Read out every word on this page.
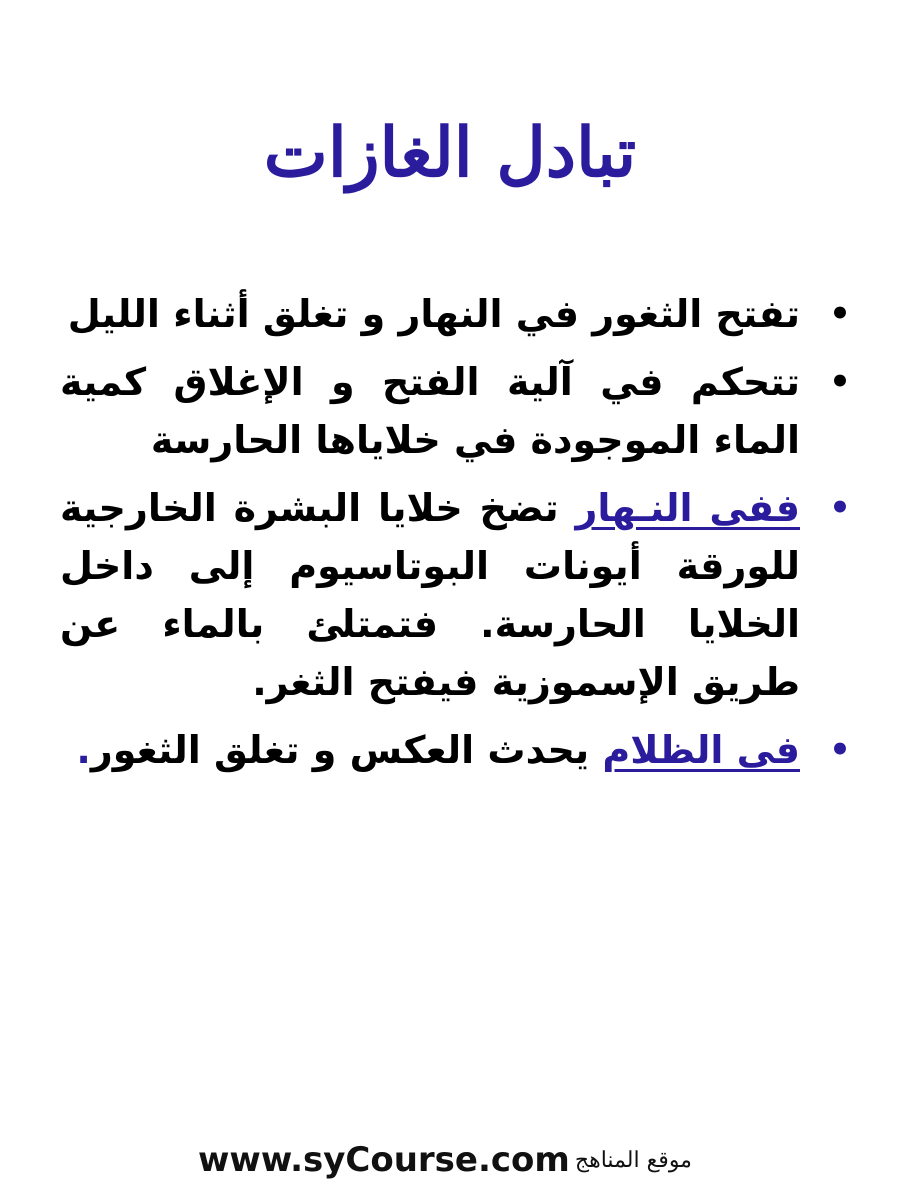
تبادل الغازات
•
تفتح الثغور في النهار و تغلق أثناء الليل
•
تتحكم في آلية الفتح و الإغلاق كمية الماء الموجودة في خلاياها الحارسة
•
ففى النـهار تضخ خلايا البشرة الخارجية للورقة أيونات البوتاسيوم إلى داخل الخلايا الحارسة. فتمتلئ بالماء عن طريق الإسموزية فيفتح الثغر.
•
فى الظلام يحدث العكس و تغلق الثغور.
www.syCourse.com موقع المناهج
